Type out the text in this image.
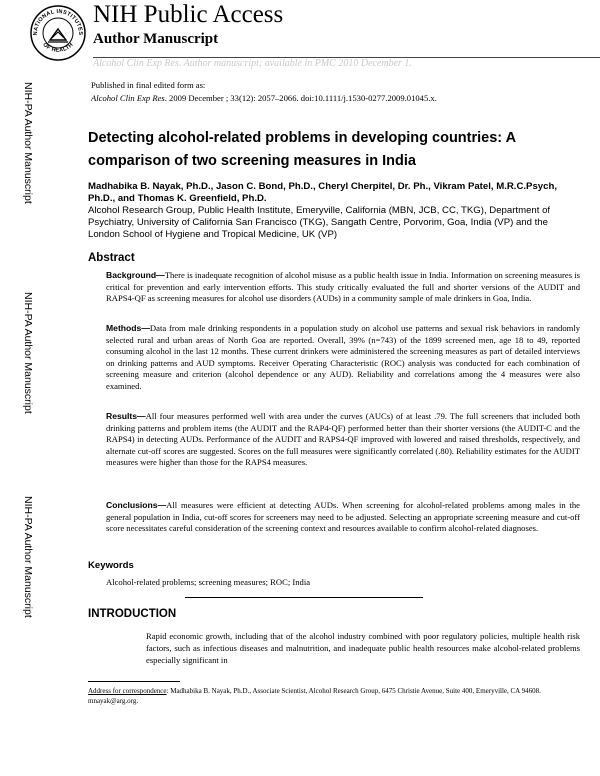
NATIONAL INSTITUTES
OF HEALTH
NIH Public Access
Author Manuscript
Alcohol Clin Exp Res. Author manuscript; available in PMC 2010 December 1.
Published in final edited form as:
Alcohol Clin Exp Res. 2009 December ; 33(12): 2057–2066. doi:10.1111/j.1530-0277.2009.01045.x.
NIH-PA Author Manuscript
NIH-PA Author Manuscript
NIH-PA Author Manuscript
Detecting alcohol-related problems in developing countries: A comparison of two screening measures in India
Madhabika B. Nayak, Ph.D., Jason C. Bond, Ph.D., Cheryl Cherpitel, Dr. Ph., Vikram Patel, M.R.C.Psych, Ph.D., and Thomas K. Greenfield, Ph.D.
Alcohol Research Group, Public Health Institute, Emeryville, California (MBN, JCB, CC, TKG), Department of Psychiatry, University of California San Francisco (TKG), Sangath Centre, Porvorim, Goa, India (VP) and the London School of Hygiene and Tropical Medicine, UK (VP)
Abstract
Background—There is inadequate recognition of alcohol misuse as a public health issue in India. Information on screening measures is critical for prevention and early intervention efforts. This study critically evaluated the full and shorter versions of the AUDIT and RAPS4-QF as screening measures for alcohol use disorders (AUDs) in a community sample of male drinkers in Goa, India.
Methods—Data from male drinking respondents in a population study on alcohol use patterns and sexual risk behaviors in randomly selected rural and urban areas of North Goa are reported. Overall, 39% (n=743) of the 1899 screened men, age 18 to 49, reported consuming alcohol in the last 12 months. These current drinkers were administered the screening measures as part of detailed interviews on drinking patterns and AUD symptoms. Receiver Operating Characteristic (ROC) analysis was conducted for each combination of screening measure and criterion (alcohol dependence or any AUD). Reliability and correlations among the 4 measures were also examined.
Results—All four measures performed well with area under the curves (AUCs) of at least .79. The full screeners that included both drinking patterns and problem items (the AUDIT and the RAP4-QF) performed better than their shorter versions (the AUDIT-C and the RAPS4) in detecting AUDs. Performance of the AUDIT and RAPS4-QF improved with lowered and raised thresholds, respectively, and alternate cut-off scores are suggested. Scores on the full measures were significantly correlated (.80). Reliability estimates for the AUDIT measures were higher than those for the RAPS4 measures.
Conclusions—All measures were efficient at detecting AUDs. When screening for alcohol-related problems among males in the general population in India, cut-off scores for screeners may need to be adjusted. Selecting an appropriate screening measure and cut-off score necessitates careful consideration of the screening context and resources available to confirm alcohol-related diagnoses.
Keywords
Alcohol-related problems; screening measures; ROC; India
INTRODUCTION
Rapid economic growth, including that of the alcohol industry combined with poor regulatory policies, multiple health risk factors, such as infectious diseases and malnutrition, and inadequate public health resources make alcohol-related problems especially significant in
Address for correspondence: Madhabika B. Nayak, Ph.D., Associate Scientist, Alcohol Research Group, 6475 Christie Avenue, Suite 400, Emeryville, CA 94608. mnayak@arg.org.
